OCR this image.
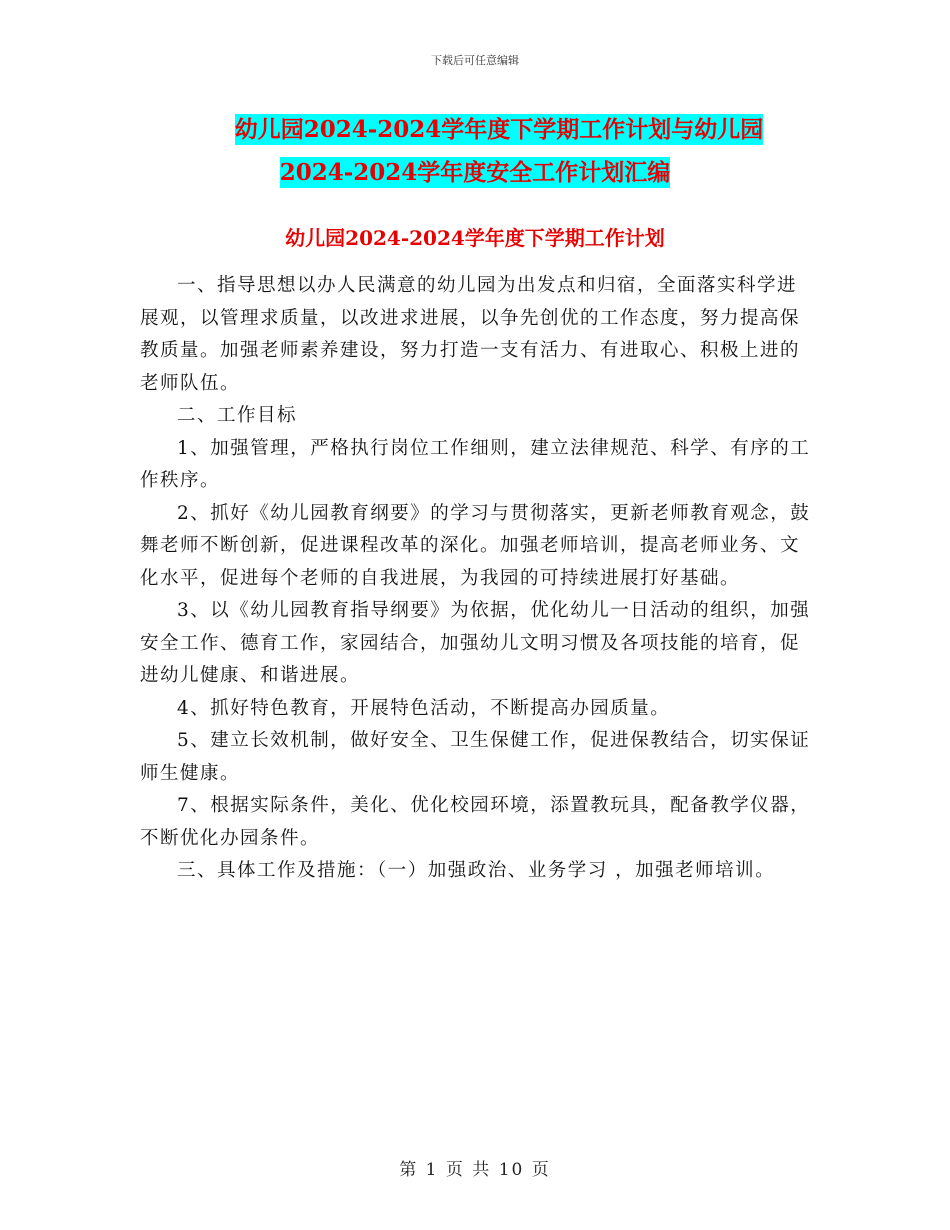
下载后可任意编辑
幼儿园2024-2024学年度下学期工作计划与幼儿园
2024-2024学年度安全工作计划汇编
幼儿园2024-2024学年度下学期工作计划

一、指导思想以办人民满意的幼儿园为出发点和归宿，全面落实科学进展观，以管理求质量，以改进求进展，以争先创优的工作态度，努力提高保教质量。加强老师素养建设，努力打造一支有活力、有进取心、积极上进的老师队伍。

二、工作目标

1、加强管理，严格执行岗位工作细则，建立法律规范、科学、有序的工作秩序。

2、抓好《幼儿园教育纲要》的学习与贯彻落实，更新老师教育观念，鼓舞老师不断创新，促进课程改革的深化。加强老师培训，提高老师业务、文化水平，促进每个老师的自我进展，为我园的可持续进展打好基础。

3、以《幼儿园教育指导纲要》为依据，优化幼儿一日活动的组织，加强安全工作、德育工作，家园结合，加强幼儿文明习惯及各项技能的培育，促进幼儿健康、和谐进展。

4、抓好特色教育，开展特色活动，不断提高办园质量。

5、建立长效机制，做好安全、卫生保健工作，促进保教结合，切实保证师生健康。

7、根据实际条件，美化、优化校园环境，添置教玩具，配备教学仪器，不断优化办园条件。

三、具体工作及措施：（一）加强政治、业务学习 ，加强老师培训。

第 1 页 共 10 页
